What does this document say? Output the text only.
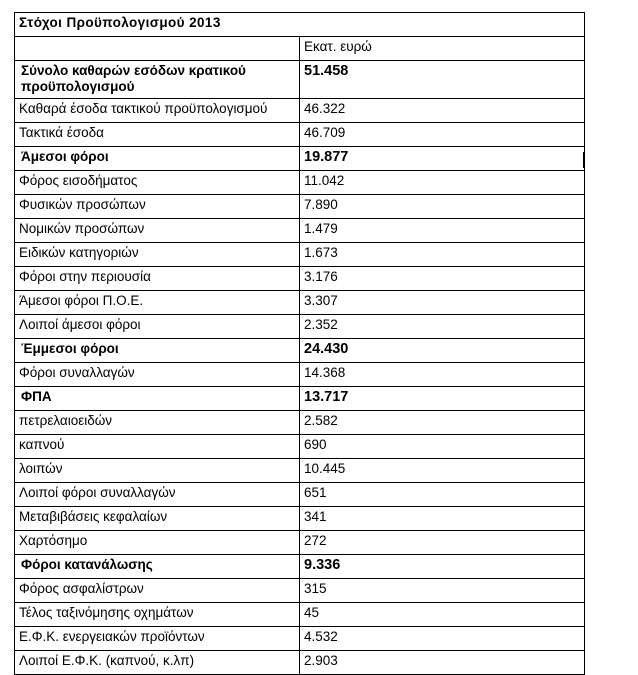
Στόχοι Προϋπολογισμού 2013	
	Εκατ. ευρώ
Σύνολο καθαρών εσόδων κρατικού προϋπολογισμού	51.458
Καθαρά έσοδα τακτικού προϋπολογισμού	46.322
Τακτικά έσοδα	46.709
Άμεσοι φόροι	19.877
Φόρος εισοδήματος	11.042
Φυσικών προσώπων	7.890
Νομικών προσώπων	1.479
Ειδικών κατηγοριών	1.673
Φόροι στην περιουσία	3.176
Άμεσοι φόροι Π.Ο.Ε.	3.307
Λοιποί άμεσοι φόροι	2.352
Έμμεσοι φόροι	24.430
Φόροι συναλλαγών	14.368
ΦΠΑ	13.717
πετρελαιοειδών	2.582
καπνού	690
λοιπών	10.445
Λοιποί φόροι συναλλαγών	651
Μεταβιβάσεις κεφαλαίων	341
Χαρτόσημο	272
Φόροι κατανάλωσης	9.336
Φόρος ασφαλίστρων	315
Τέλος ταξινόμησης οχημάτων	45
Ε.Φ.Κ. ενεργειακών προϊόντων	4.532
Λοιποί Ε.Φ.Κ. (καπνού, κ.λπ)	2.903
